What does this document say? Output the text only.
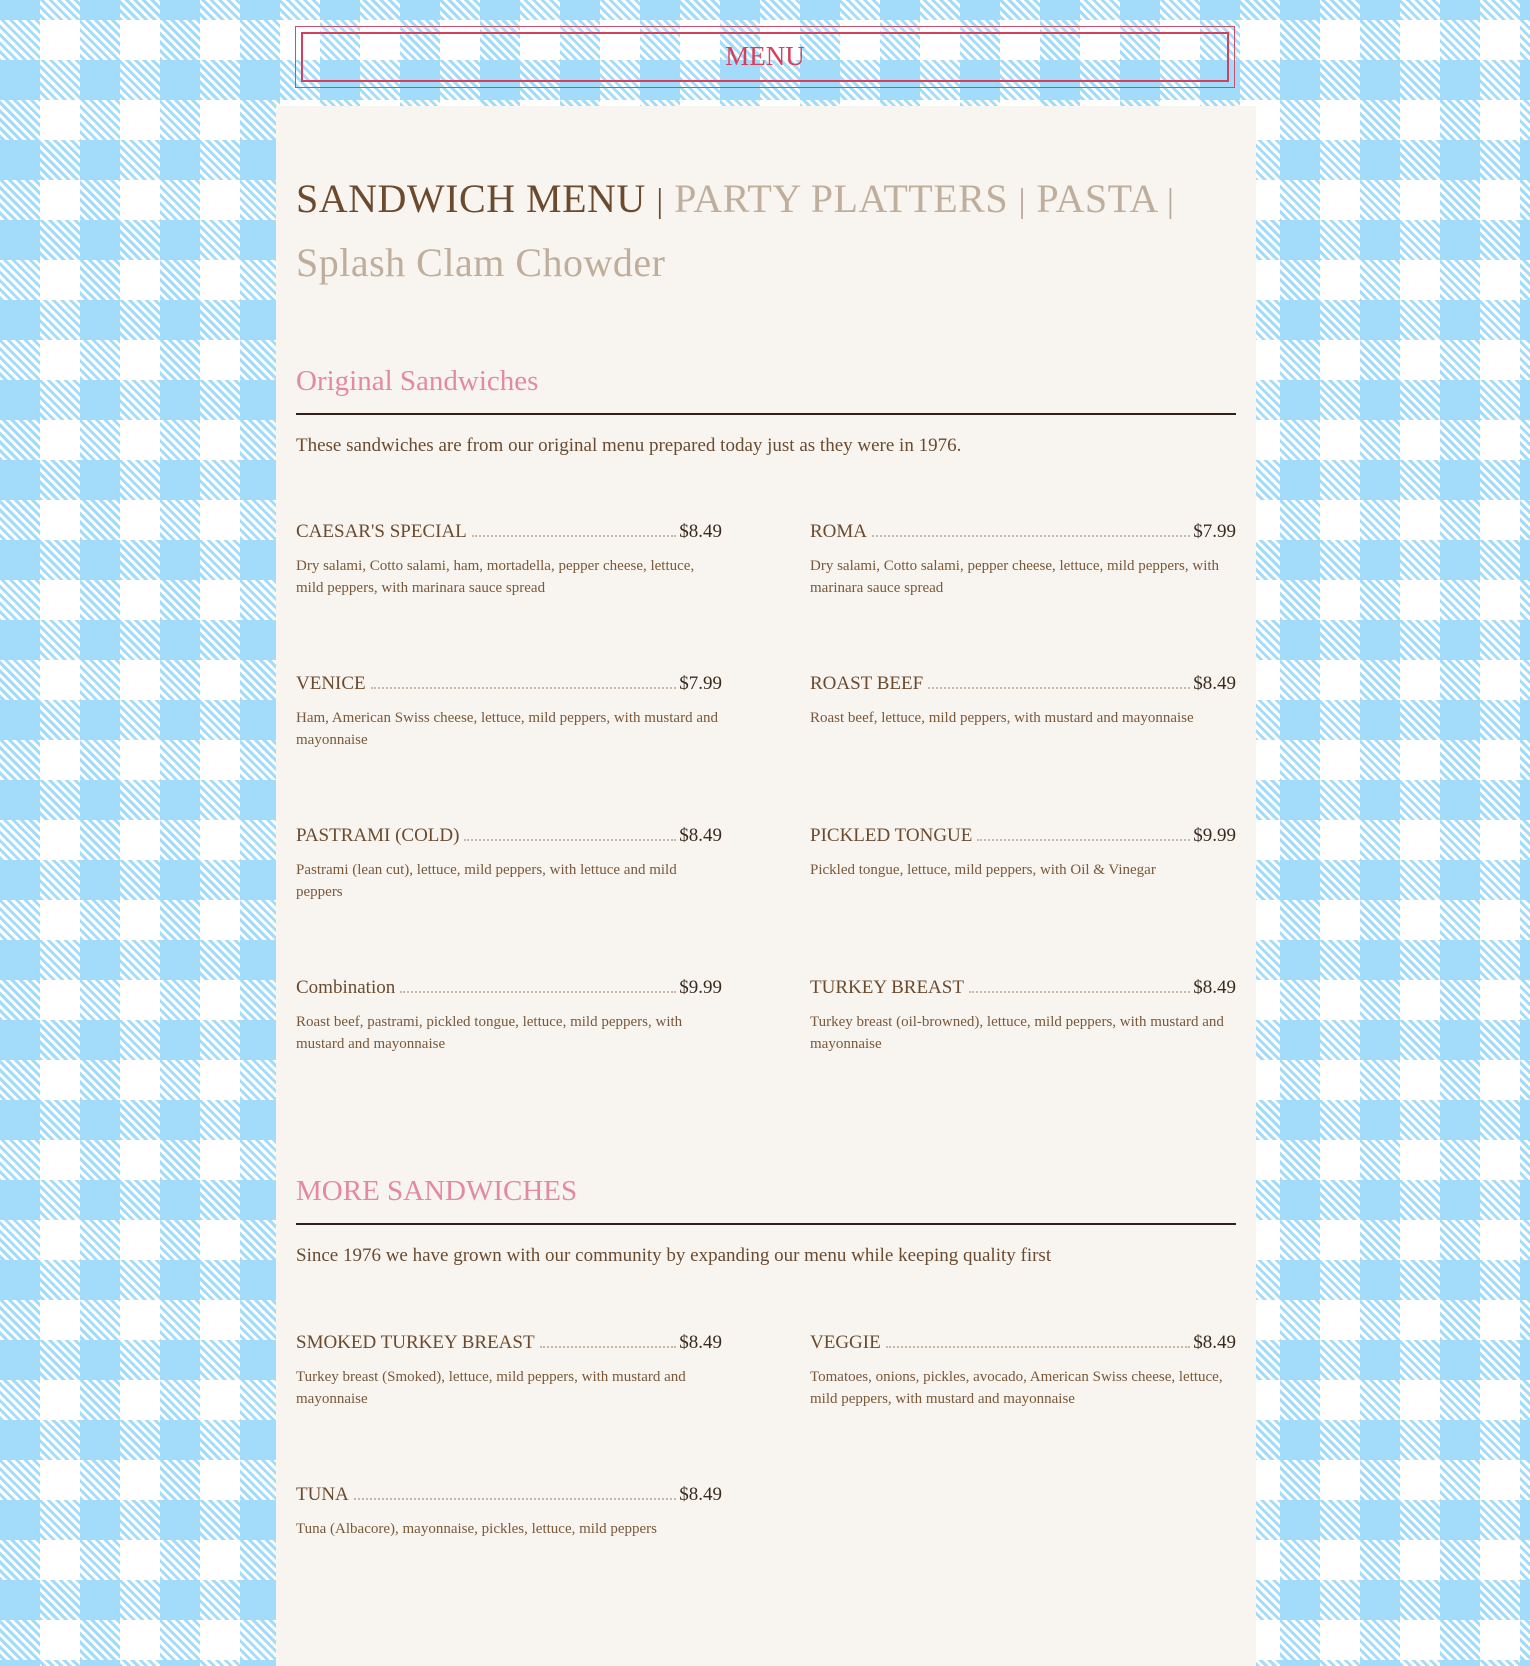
MENU
SANDWICH MENU | PARTY PLATTERS | PASTA |
Splash Clam Chowder
Original Sandwiches
These sandwiches are from our original menu prepared today just as they were in 1976.
MORE SANDWICHES
Since 1976 we have grown with our community by expanding our menu while keeping quality first
CAESAR'S SPECIAL	$8.49
Dry salami, Cotto salami, ham, mortadella, pepper cheese, lettuce, mild peppers, with marinara sauce spread
ROMA	$7.99
Dry salami, Cotto salami, pepper cheese, lettuce, mild peppers, with marinara sauce spread
VENICE	$7.99
Ham, American Swiss cheese, lettuce, mild peppers, with mustard and mayonnaise
ROAST BEEF	$8.49
Roast beef, lettuce, mild peppers, with mustard and mayonnaise
PASTRAMI (COLD)	$8.49
Pastrami (lean cut), lettuce, mild peppers, with lettuce and mild peppers
PICKLED TONGUE	$9.99
Pickled tongue, lettuce, mild peppers, with Oil & Vinegar
Combination	$9.99
Roast beef, pastrami, pickled tongue, lettuce, mild peppers, with mustard and mayonnaise
TURKEY BREAST	$8.49
Turkey breast (oil-browned), lettuce, mild peppers, with mustard and mayonnaise
SMOKED TURKEY BREAST	$8.49
Turkey breast (Smoked), lettuce, mild peppers, with mustard and mayonnaise
VEGGIE	$8.49
Tomatoes, onions, pickles, avocado, American Swiss cheese, lettuce, mild peppers, with mustard and mayonnaise
TUNA	$8.49
Tuna (Albacore), mayonnaise, pickles, lettuce, mild peppers
